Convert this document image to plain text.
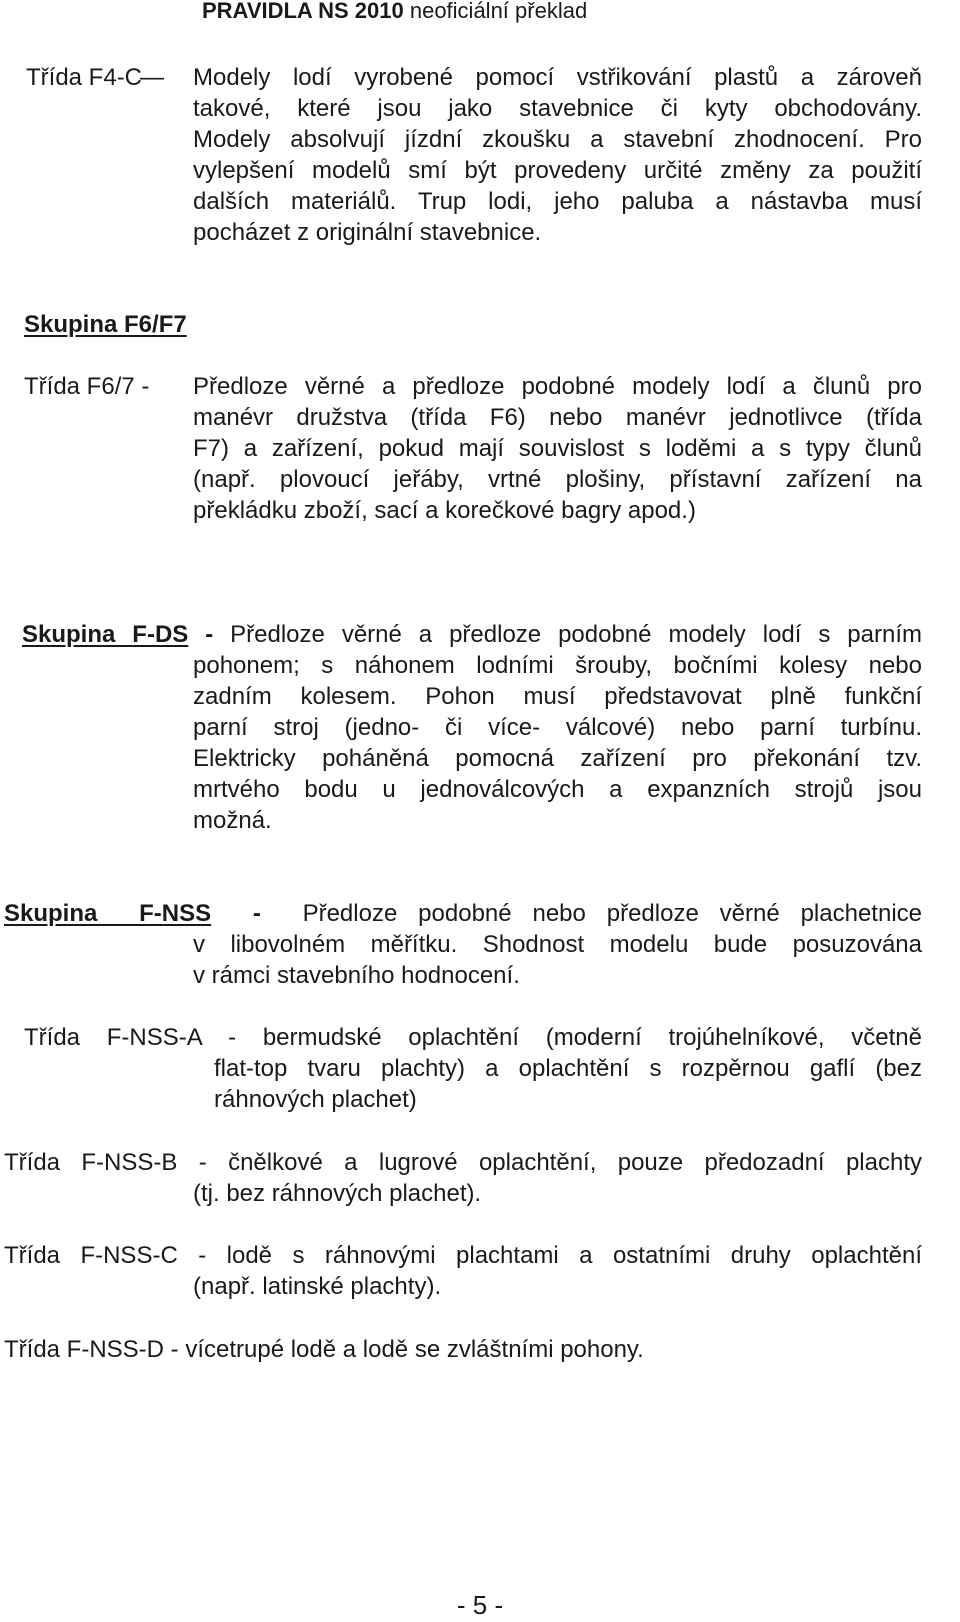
PRAVIDLA NS 2010 neoficiální překlad
Třída F4-C
— Modely lodí vyrobené pomocí vstřikování plastů a zároveň
takové, které jsou jako stavebnice či kyty obchodovány.
Modely absolvují jízdní zkoušku a stavební zhodnocení. Pro
vylepšení modelů smí být provedeny určité změny za použití
dalších materiálů. Trup lodi, jeho paluba a nástavba musí
pocházet z originální stavebnice.
Skupina F6/F7
Třída F6/7 - Předloze věrné a předloze podobné modely lodí a člunů pro
manévr družstva (třída F6) nebo manévr jednotlivce (třída
F7) a zařízení, pokud mají souvislost s loděmi a s typy člunů
(např. plovoucí jeřáby, vrtné plošiny, přístavní zařízení na
překládku zboží, sací a korečkové bagry apod.)
Skupina F-DS - Předloze věrné a předloze podobné modely lodí s parním
pohonem; s náhonem lodními šrouby, bočními kolesy nebo
zadním kolesem. Pohon musí představovat plně funkční
parní stroj (jedno- či více- válcové) nebo parní turbínu.
Elektricky poháněná pomocná zařízení pro překonání tzv.
mrtvého bodu u jednoválcových a expanzních strojů jsou
možná.
Skupina  F-NSS  -  Předloze podobné nebo předloze věrné plachetnice
v libovolném měřítku. Shodnost modelu bude posuzována
v rámci stavebního hodnocení.
Třída F-NSS-A - bermudské oplachtění (moderní trojúhelníkové, včetně
flat-top tvaru plachty) a oplachtění s rozpěrnou gaflí (bez
ráhnových plachet)
Třída F-NSS-B - čnělkové a lugrové oplachtění, pouze předozadní plachty
(tj. bez ráhnových plachet).
Třída F-NSS-C - lodě s ráhnovými plachtami a ostatními druhy oplachtění
(např. latinské plachty).
Třída F-NSS-D - vícetrupé lodě a lodě se zvláštními pohony.
- 5 -
